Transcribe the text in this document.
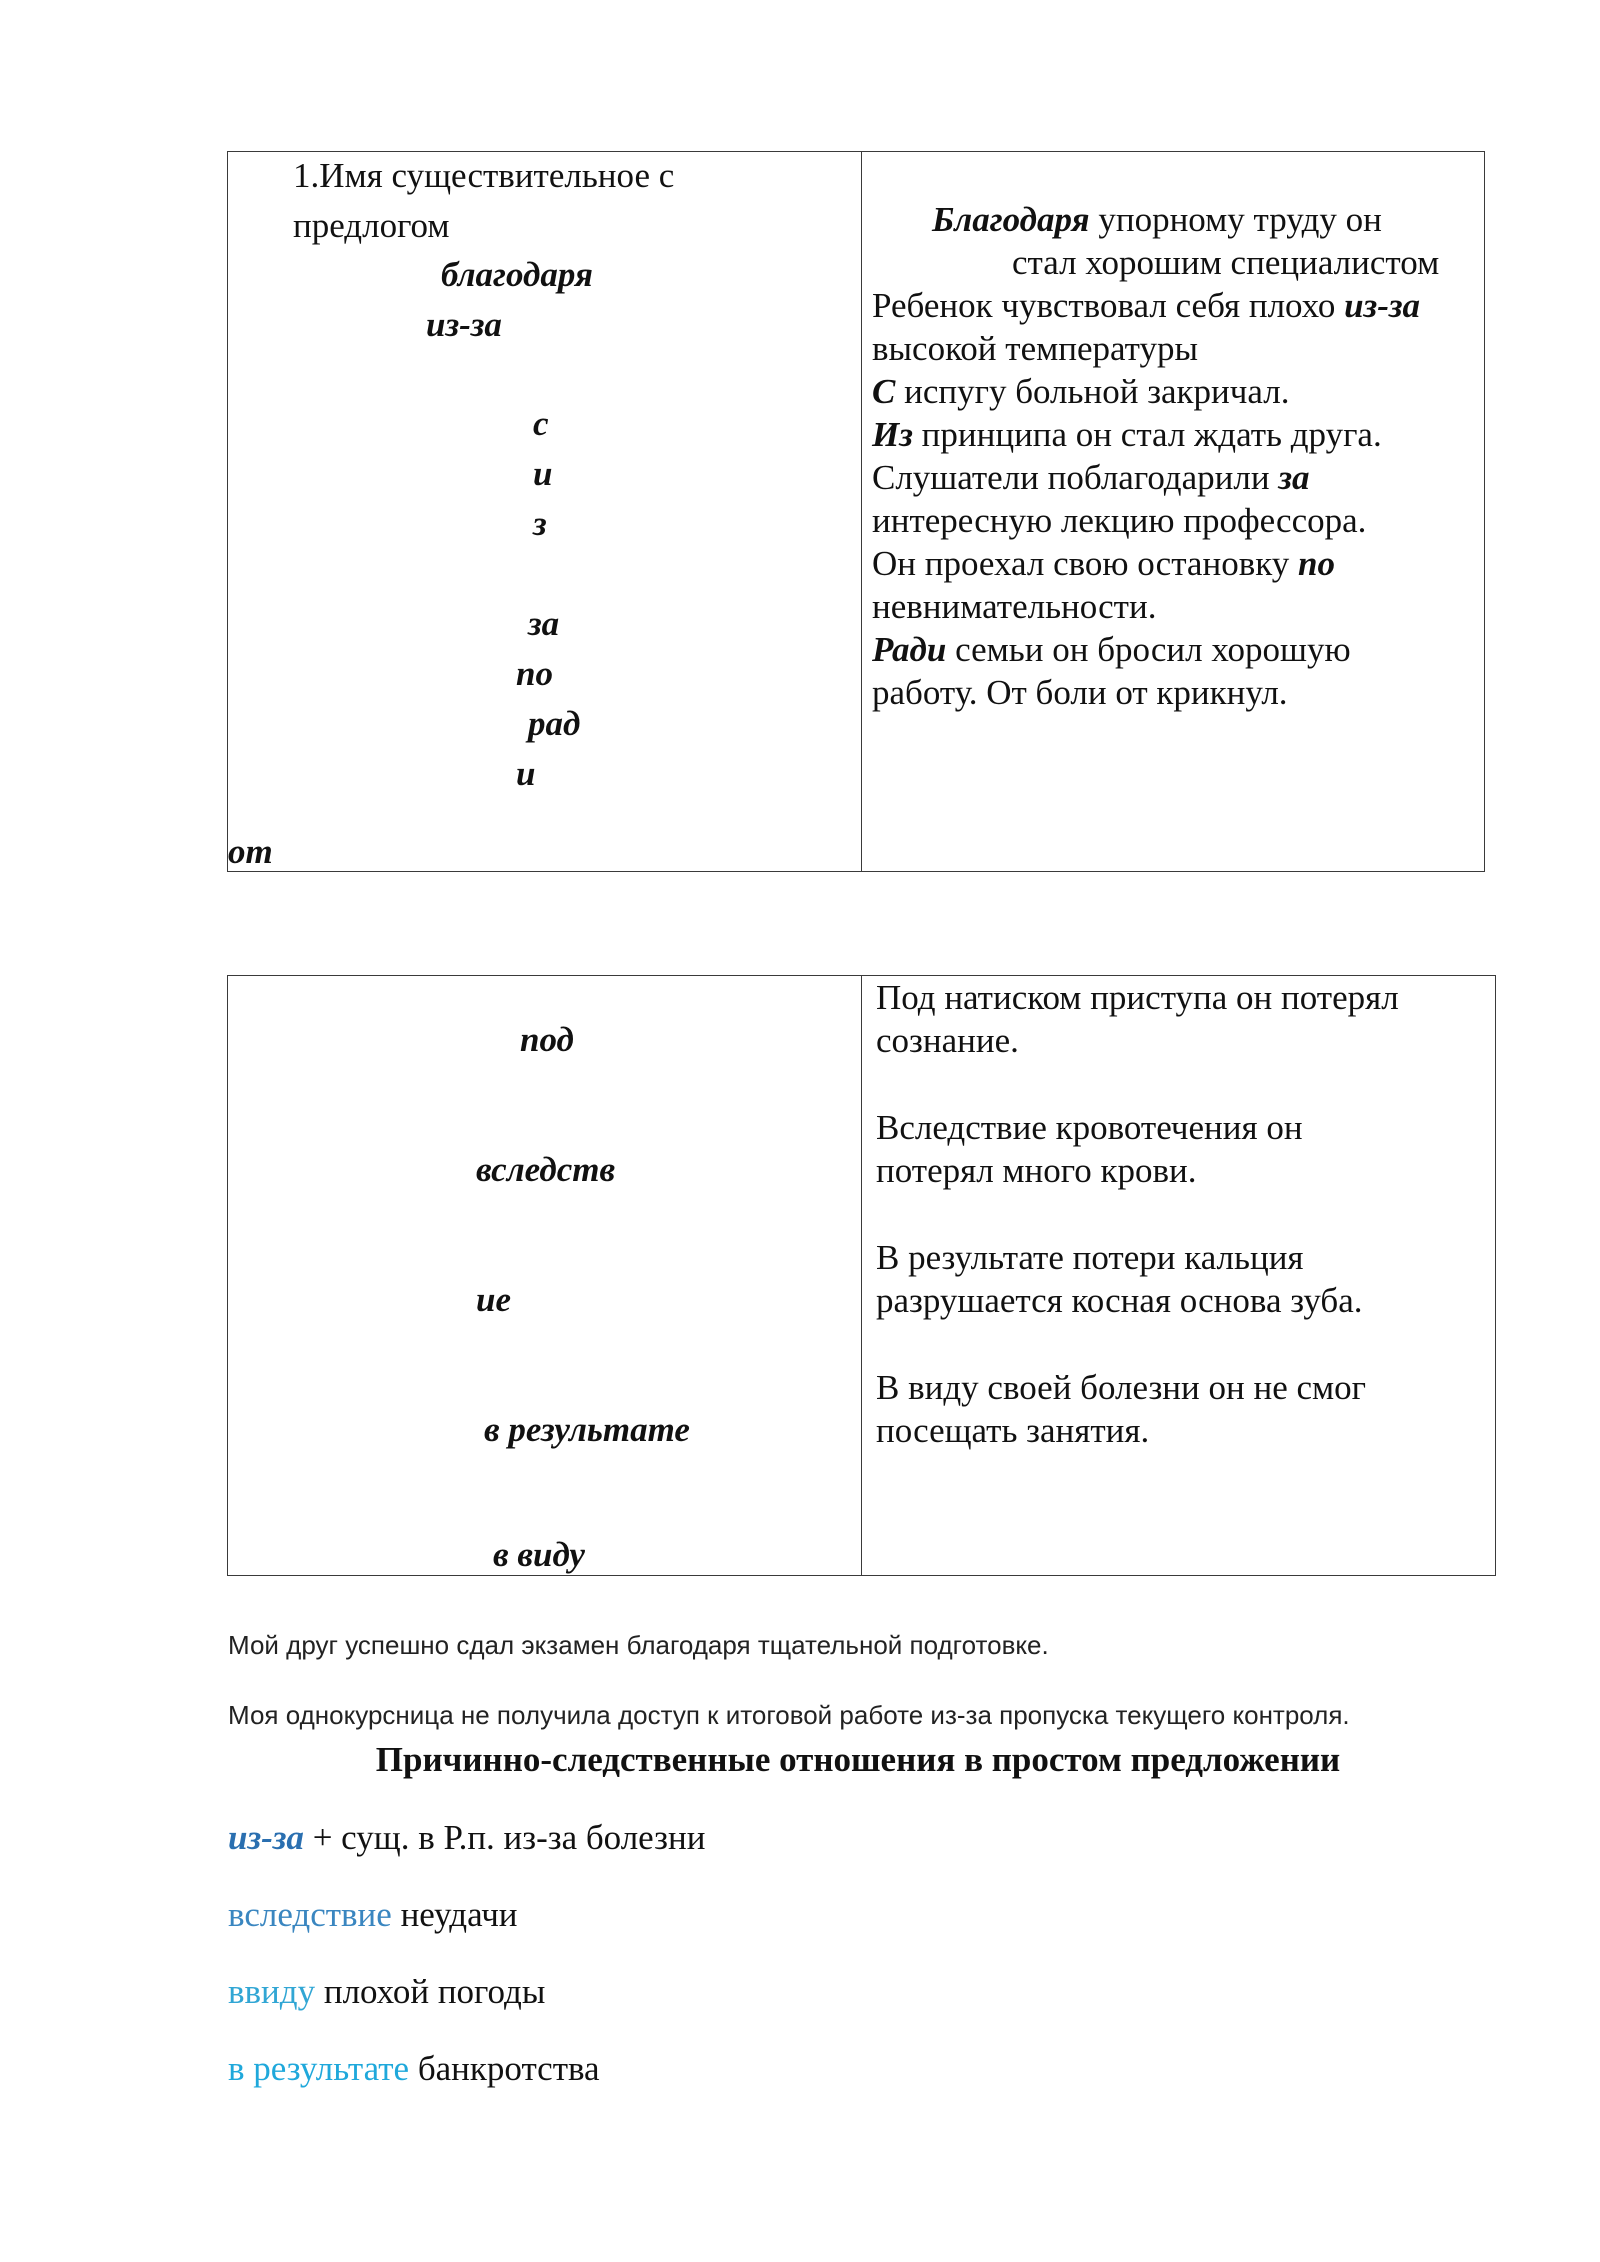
1.Имя существительное с
предлогом
благодаря
из-за
с
и
з
за
по
рад
и
от
Благодаря упорному труду он
стал хорошим специалистом
Ребенок чувствовал себя плохо из-за
высокой температуры
С испугу больной закричал.
Из принципа он стал ждать друга.
Слушатели поблагодарили за
интересную лекцию профессора.
Он проехал свою остановку по
невнимательности.
Ради семьи он бросил хорошую
работу. От боли от крикнул.
под
вследств
ие
в результате
в виду
Под натиском приступа он потерял
сознание.
Вследствие кровотечения он
потерял много крови.
В результате потери кальция
разрушается косная основа зуба.
В виду своей болезни он не смог
посещать занятия.
Мой друг успешно сдал экзамен благодаря тщательной подготовке.
Моя однокурсница не получила доступ к итоговой работе из-за пропуска текущего контроля.
Причинно-следственные отношения в простом предложении
из-за + сущ. в Р.п. из-за болезни
вследствие неудачи
ввиду плохой погоды
в результате банкротства
